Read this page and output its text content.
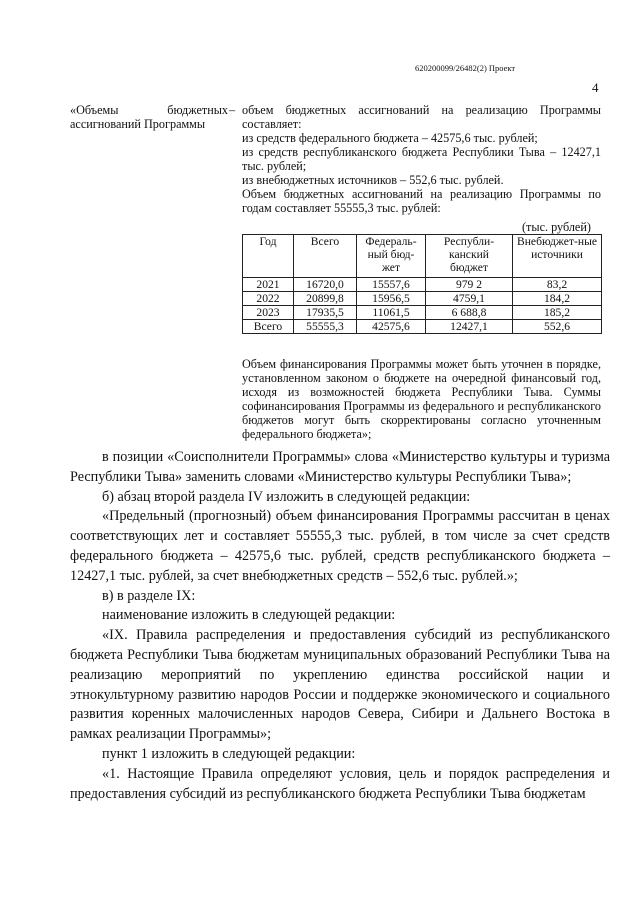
620200099/26482(2) Проект
4
«Объемы бюджетных ассигнований Программы
– объем бюджетных ассигнований на реализацию Программы составляет:

из средств федерального бюджета – 42575,6 тыс. рублей;

из средств республиканского бюджета Республики Тыва – 12427,1 тыс. рублей;

из внебюджетных источников – 552,6 тыс. рублей.

Объем бюджетных ассигнований на реализацию Программы по годам составляет 55555,3 тыс. рублей:

(тыс. рублей)
Год	Всего	Федераль-ный бюд-жет	Республи-канский бюджет	Внебюджет-ные источники
2021	16720,0	15557,6	979 2	83,2
2022	20899,8	15956,5	4759,1	184,2
2023	17935,5	11061,5	6 688,8	185,2
Всего	55555,3	42575,6	12427,1	552,6
Объем финансирования Программы может быть уточнен в порядке, установленном законом о бюджете на очередной финансовый год, исходя из возможностей бюджета Республики Тыва. Суммы софинансирования Программы из федерального и республиканского бюджетов могут быть скорректированы согласно уточненным федерального бюджета»;

в позиции «Соисполнители Программы» слова «Министерство культуры и туризма Республики Тыва» заменить словами «Министерство культуры Республики Тыва»;

б) абзац второй раздела IV изложить в следующей редакции:

«Предельный (прогнозный) объем финансирования Программы рассчитан в ценах соответствующих лет и составляет 55555,3 тыс. рублей, в том числе за счет средств федерального бюджета – 42575,6 тыс. рублей, средств республиканского бюджета – 12427,1 тыс. рублей, за счет внебюджетных средств – 552,6 тыс. рублей.»;

в) в разделе IX:

наименование изложить в следующей редакции:

«IX. Правила распределения и предоставления субсидий из республиканского бюджета Республики Тыва бюджетам муниципальных образований Республики Тыва на реализацию мероприятий по укреплению единства российской нации и этнокультурному развитию народов России и поддержке экономического и социального развития коренных малочисленных народов Севера, Сибири и Дальнего Востока в рамках реализации Программы»;

пункт 1 изложить в следующей редакции:

«1. Настоящие Правила определяют условия, цель и порядок распределения и предоставления субсидий из республиканского бюджета Республики Тыва бюджетам
